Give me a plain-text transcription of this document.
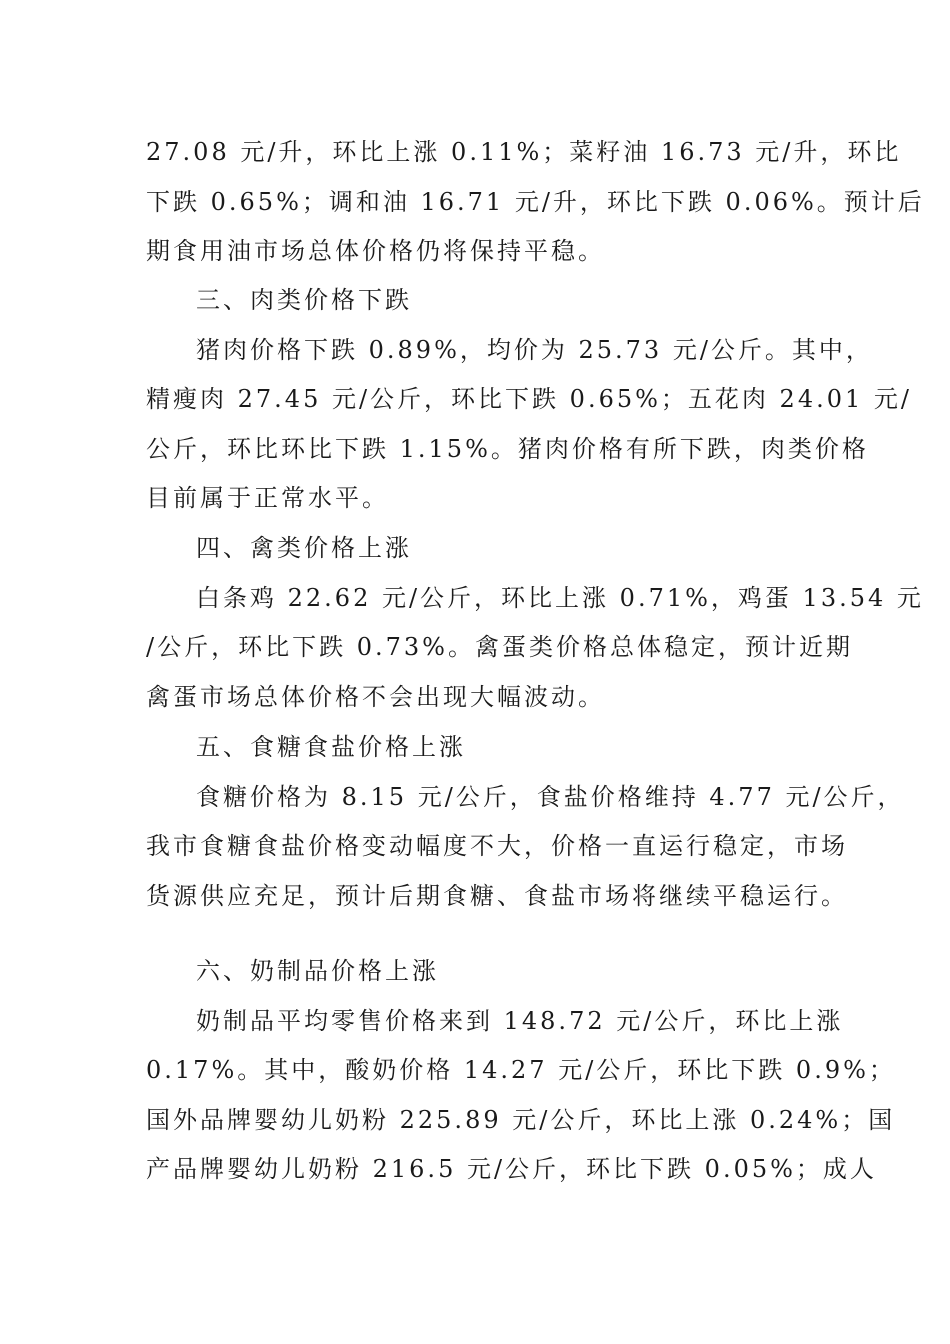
27.08 元/升，环比上涨 0.11%；菜籽油 16.73 元/升，环比
下跌 0.65%；调和油 16.71 元/升，环比下跌 0.06%。预计后
期食用油市场总体价格仍将保持平稳。
三、肉类价格下跌
猪肉价格下跌 0.89%，均价为 25.73 元/公斤。其中，
精瘦肉 27.45 元/公斤，环比下跌 0.65%；五花肉 24.01 元/
公斤，环比环比下跌 1.15%。猪肉价格有所下跌，肉类价格
目前属于正常水平。
四、禽类价格上涨
白条鸡 22.62 元/公斤，环比上涨 0.71%，鸡蛋 13.54 元
/公斤，环比下跌 0.73%。禽蛋类价格总体稳定，预计近期
禽蛋市场总体价格不会出现大幅波动。
五、食糖食盐价格上涨
食糖价格为 8.15 元/公斤，食盐价格维持 4.77 元/公斤，
我市食糖食盐价格变动幅度不大，价格一直运行稳定，市场
货源供应充足，预计后期食糖、食盐市场将继续平稳运行。
六、奶制品价格上涨
奶制品平均零售价格来到 148.72 元/公斤，环比上涨
0.17%。其中，酸奶价格 14.27 元/公斤，环比下跌 0.9%；
国外品牌婴幼儿奶粉 225.89 元/公斤，环比上涨 0.24%；国
产品牌婴幼儿奶粉 216.5 元/公斤，环比下跌 0.05%；成人
